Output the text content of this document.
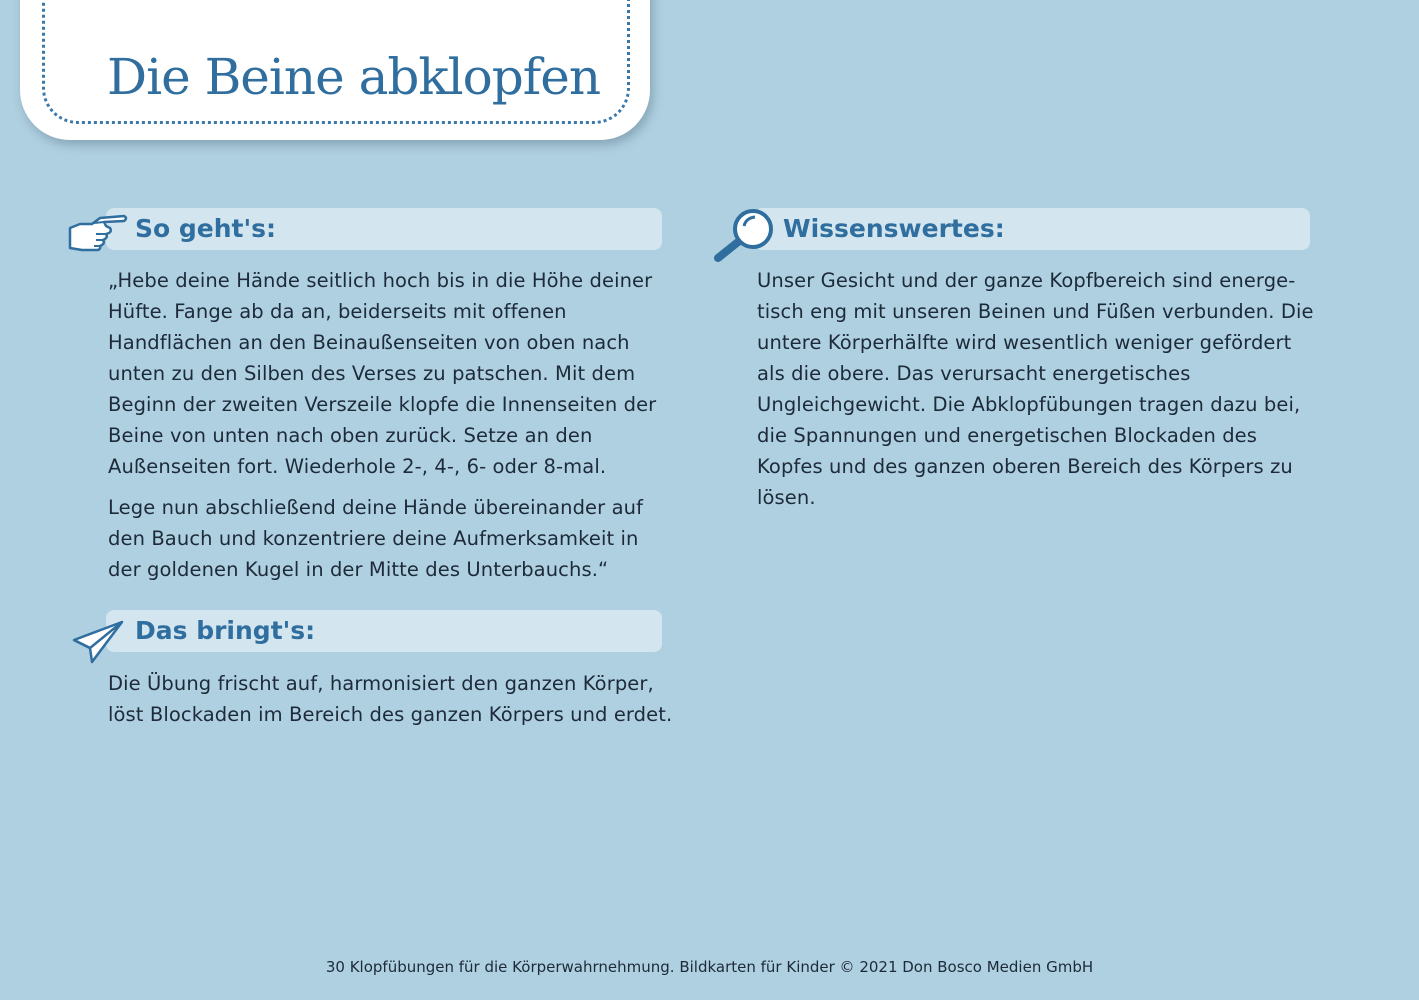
Die Beine abklopfen
So geht's:

„Hebe deine Hände seitlich hoch bis in die Höhe deiner Hüfte. Fange ab da an, beiderseits mit offenen Handflächen an den Beinaußenseiten von oben nach unten zu den Silben des Verses zu patschen. Mit dem Beginn der zweiten Verszeile klopfe die Innenseiten der Beine von unten nach oben zurück. Setze an den Außenseiten fort. Wiederhole 2-, 4-, 6- oder 8-mal.

Lege nun abschließend deine Hände übereinander auf den Bauch und konzentriere deine Aufmerksamkeit in der goldenen Kugel in der Mitte des Unterbauchs.“

Das bringt's:

Die Übung frischt auf, harmonisiert den ganzen Körper, löst Blockaden im Bereich des ganzen Körpers und erdet.

Wissenswertes:

Unser Gesicht und der ganze Kopfbereich sind energe-tisch eng mit unseren Beinen und Füßen verbunden. Die untere Körperhälfte wird wesentlich weniger gefördert als die obere. Das verursacht energetisches Ungleichgewicht. Die Abklopfübungen tragen dazu bei, die Spannungen und energetischen Blockaden des Kopfes und des ganzen oberen Bereich des Körpers zu lösen.

30 Klopfübungen für die Körperwahrnehmung. Bildkarten für Kinder © 2021 Don Bosco Medien GmbH
